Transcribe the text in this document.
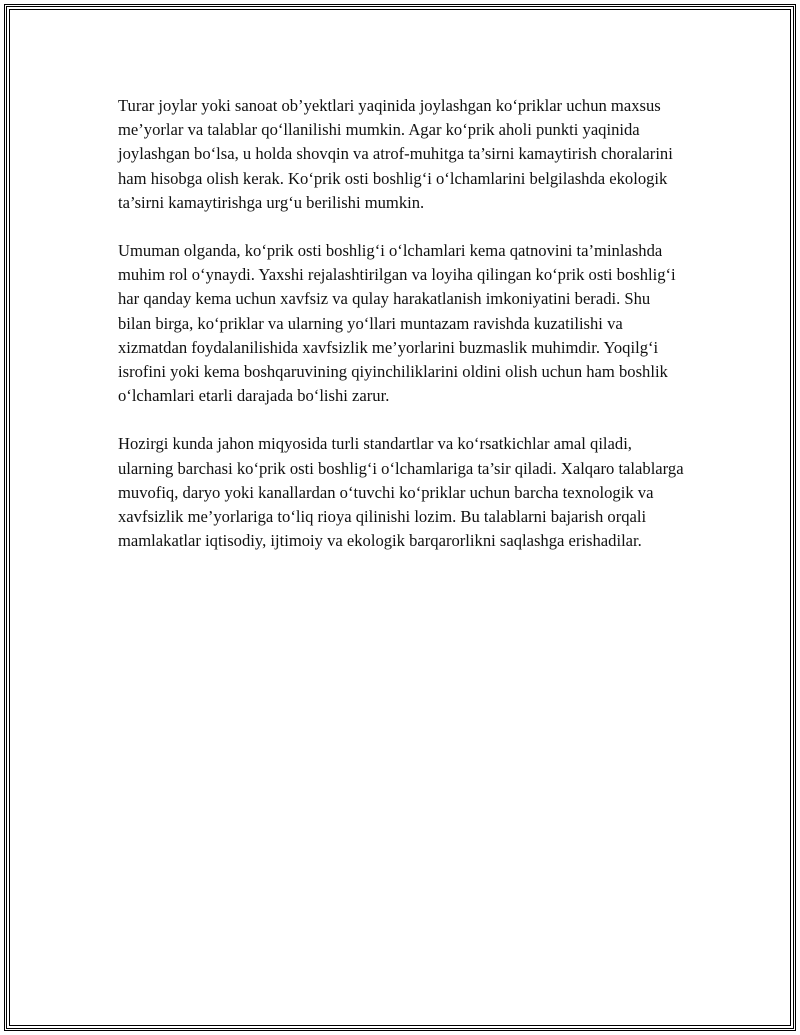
Turar joylar yoki sanoat ob’yektlari yaqinida joylashgan koʻpriklar uchun maxsus me’yorlar va talablar qoʻllanilishi mumkin. Agar koʻprik aholi punkti yaqinida joylashgan boʻlsa, u holda shovqin va atrof-muhitga ta’sirni kamaytirish choralarini ham hisobga olish kerak. Koʻprik osti boshligʻi oʻlchamlarini belgilashda ekologik ta’sirni kamaytirishga urgʻu berilishi mumkin.

Umuman olganda, koʻprik osti boshligʻi oʻlchamlari kema qatnovini ta’minlashda muhim rol oʻynaydi. Yaxshi rejalashtirilgan va loyiha qilingan koʻprik osti boshligʻi har qanday kema uchun xavfsiz va qulay harakatlanish imkoniyatini beradi. Shu bilan birga, koʻpriklar va ularning yoʻllari muntazam ravishda kuzatilishi va xizmatdan foydalanilishida xavfsizlik me’yorlarini buzmaslik muhimdir. Yoqilgʻi isrofini yoki kema boshqaruvining qiyinchiliklarini oldini olish uchun ham boshlik oʻlchamlari etarli darajada boʻlishi zarur.

Hozirgi kunda jahon miqyosida turli standartlar va koʻrsatkichlar amal qiladi, ularning barchasi koʻprik osti boshligʻi oʻlchamlariga ta’sir qiladi. Xalqaro talablarga muvofiq, daryo yoki kanallardan oʻtuvchi koʻpriklar uchun barcha texnologik va xavfsizlik me’yorlariga toʻliq rioya qilinishi lozim. Bu talablarni bajarish orqali mamlakatlar iqtisodiy, ijtimoiy va ekologik barqarorlikni saqlashga erishadilar.
